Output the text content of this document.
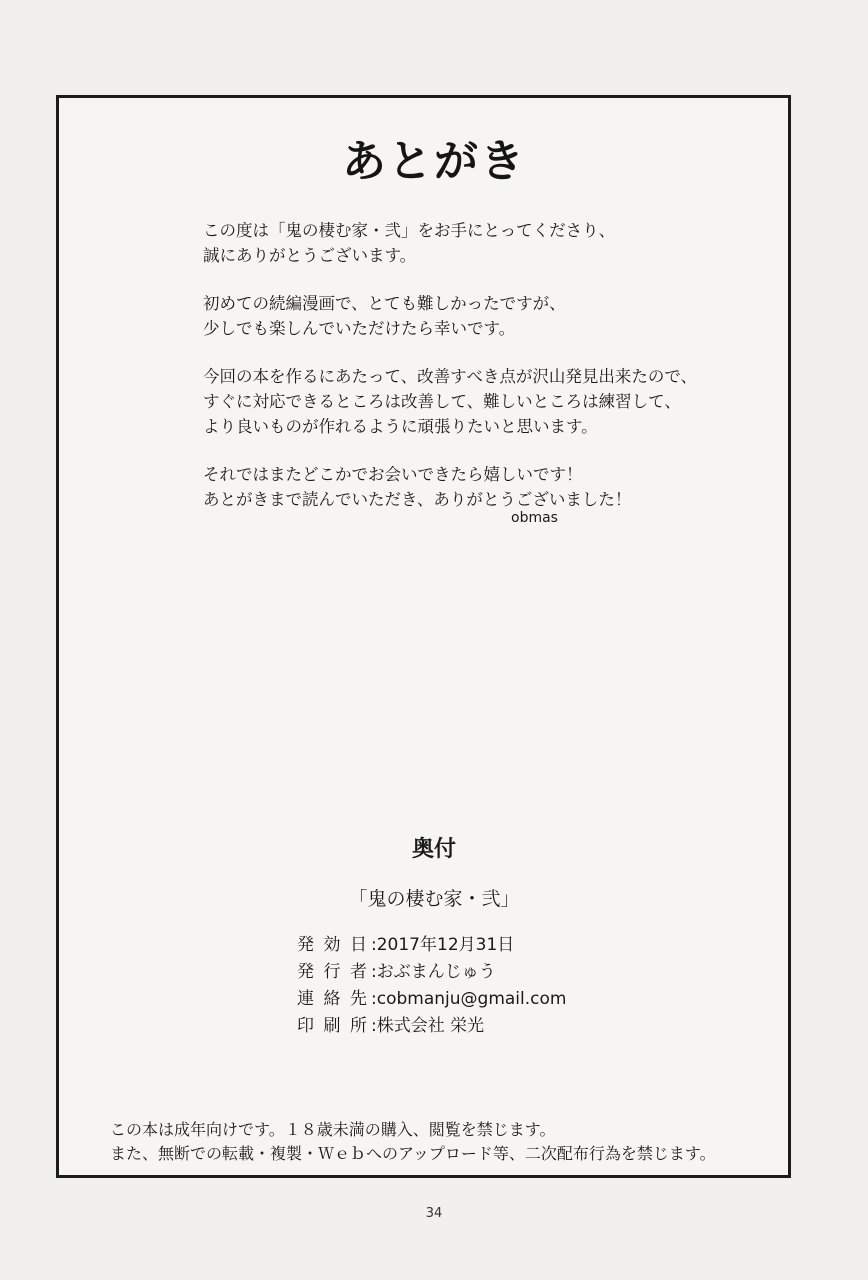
あとがき
この度は「鬼の棲む家・弐」をお手にとってくださり、
誠にありがとうございます。
初めての続編漫画で、とても難しかったですが、
少しでも楽しんでいただけたら幸いです。
今回の本を作るにあたって、改善すべき点が沢山発見出来たので、
すぐに対応できるところは改善して、難しいところは練習して、
より良いものが作れるように頑張りたいと思います。
それではまたどこかでお会いできたら嬉しいです！
あとがきまで読んでいただき、ありがとうございました！
obmas
奥付
「鬼の棲む家・弐」
発効日 : 2017年12月31日
発行者 : おぶまんじゅう
連絡先 : cobmanju@gmail.com
印刷所 : 株式会社 栄光
この本は成年向けです。１８歳未満の購入、閲覧を禁じます。
また、無断での転載・複製・Ｗｅｂへのアップロード等、二次配布行為を禁じます。
34
